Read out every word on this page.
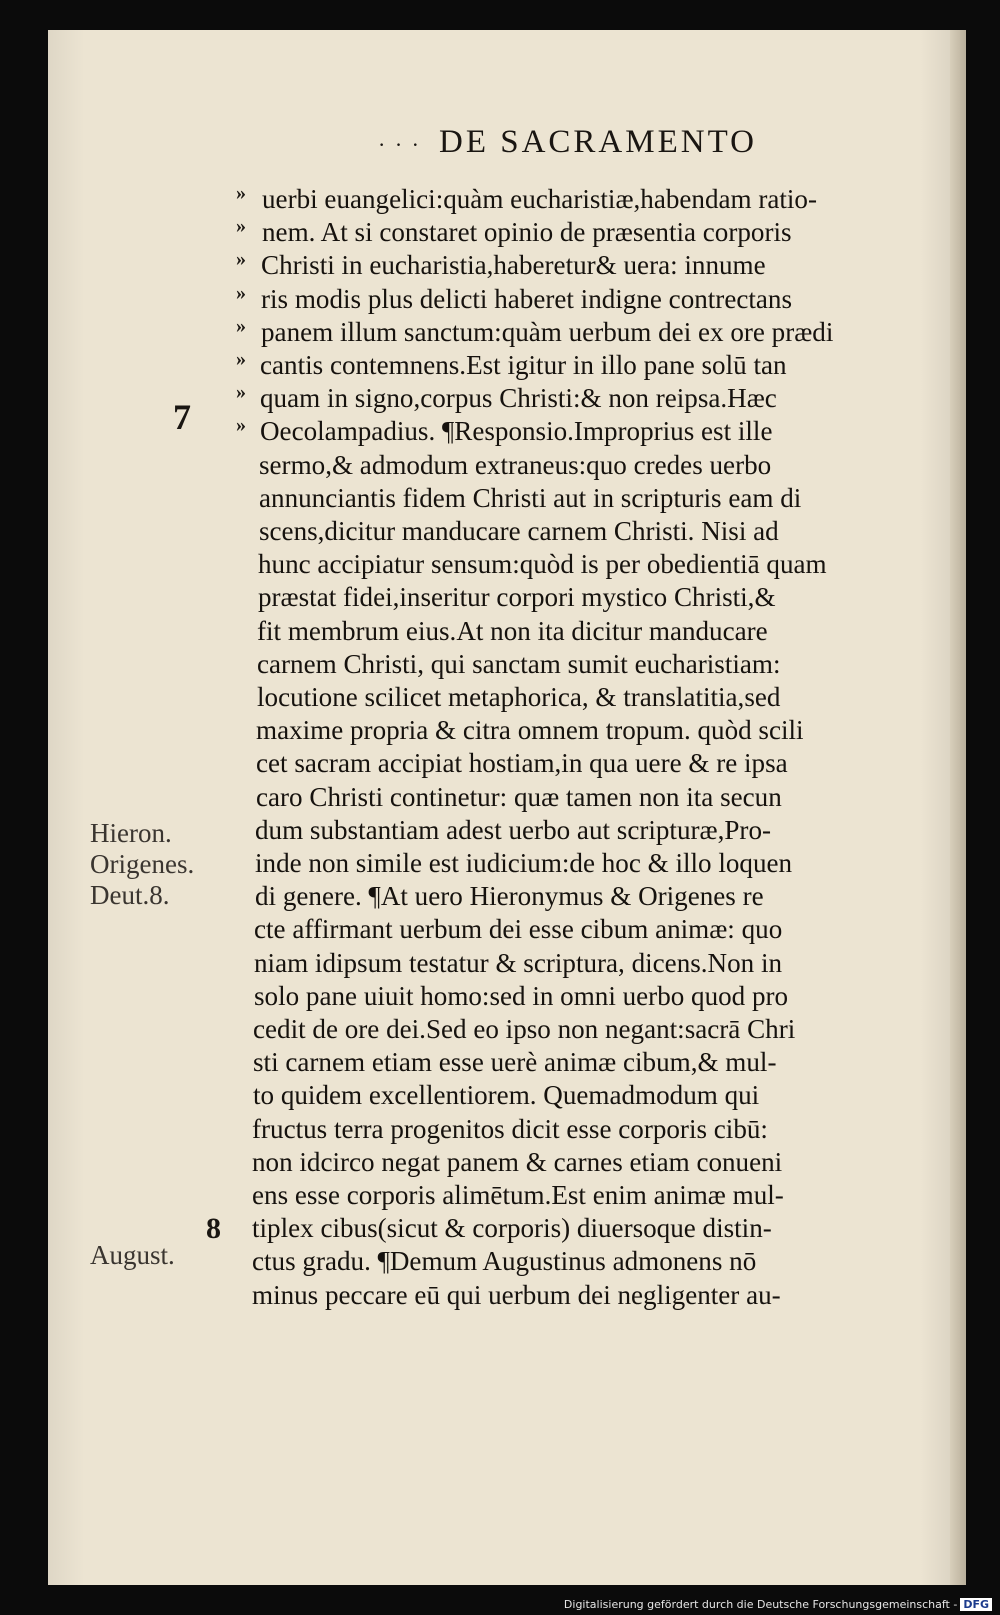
· · · DE SACRAMENTO
7
8
Hieron.
Origenes.
Deut.8.
August.
» uerbi euangelici:quàm eucharistiæ,habendam ratio-
» nem. At si constaret opinio de præsentia corporis
» Christi in eucharistia,haberetur& uera: innume
» ris modis plus delicti haberet indigne contrectans
» panem illum sanctum:quàm uerbum dei ex ore prædi
» cantis contemnens.Est igitur in illo pane solū tan
» quam in signo,corpus Christi:& non reipsa.Hæc
» Oecolampadius. ¶Responsio.Improprius est ille
sermo,& admodum extraneus:quo credes uerbo
annunciantis fidem Christi aut in scripturis eam di
scens,dicitur manducare carnem Christi. Nisi ad
hunc accipiatur sensum:quòd is per obedientiā quam
præstat fidei,inseritur corpori mystico Christi,&
fit membrum eius.At non ita dicitur manducare
carnem Christi, qui sanctam sumit eucharistiam:
locutione scilicet metaphorica, & translatitia,sed
maxime propria & citra omnem tropum. quòd scili
cet sacram accipiat hostiam,in qua uere & re ipsa
caro Christi continetur: quæ tamen non ita secun
dum substantiam adest uerbo aut scripturæ,Pro-
inde non simile est iudicium:de hoc & illo loquen
di genere. ¶At uero Hieronymus & Origenes re
cte affirmant uerbum dei esse cibum animæ: quo
niam idipsum testatur & scriptura, dicens.Non in
solo pane uiuit homo:sed in omni uerbo quod pro
cedit de ore dei.Sed eo ipso non negant:sacrā Chri
sti carnem etiam esse uerè animæ cibum,& mul-
to quidem excellentiorem. Quemadmodum qui
fructus terra progenitos dicit esse corporis cibū:
non idcirco negat panem & carnes etiam conueni
ens esse corporis alimētum.Est enim animæ mul-
tiplex cibus(sicut & corporis) diuersoque distin-
ctus gradu. ¶Demum Augustinus admonens nō
minus peccare eū qui uerbum dei negligenter au-
Digitalisierung gefördert durch die Deutsche Forschungsgemeinschaft - DFG
